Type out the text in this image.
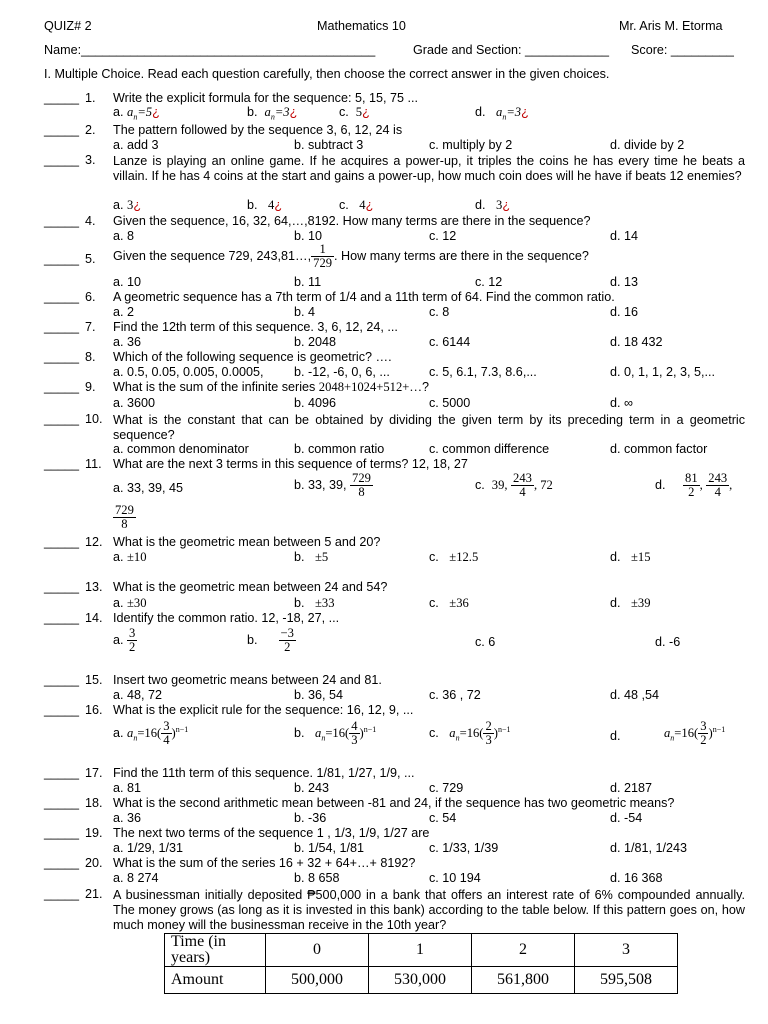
QUIZ# 2	Mathematics 10	Mr. Aris M. Etorma
Name:__________________________________________	Grade and Section: ____________ Score: _________
I. Multiple Choice. Read each question carefully, then choose the correct answer in the given choices.
_____ 1. Write the explicit formula for the sequence: 5, 15, 75 ...
a. $a_n=5¿$	b. $a_n=3¿$	c. 5¿	d. $a_n=3¿$
_____ 2. The pattern followed by the sequence 3, 6, 12, 24 is
a. add 3	b. subtract 3	c. multiply by 2	d. divide by 2
_____ 3. Lanze is playing an online game. If he acquires a power-up, it triples the coins he has every time he beats a villain. If he has 4 coins at the start and gains a power-up, how much coin does will he have if beats 12 enemies?
a. 3¿	b. 4¿	c. 4¿	d. 3¿
_____ 4. Given the sequence, 16, 32, 64,…,8192. How many terms are there in the sequence?
a. 8	b. 10	c. 12	d. 14
_____ 5. Given the sequence 729, 243,81…, $\frac{1}{729}$ . How many terms are there in the sequence?
a. 10	b. 11	c. 12	d. 13
_____ 6. A geometric sequence has a 7th term of 1/4 and a 11th term of 64. Find the common ratio.
a. 2	b. 4	c. 8	d. 16
_____ 7. Find the 12th term of this sequence. 3, 6, 12, 24, ...
a. 36	b. 2048	c. 6144	d. 18 432
_____ 8. Which of the following sequence is geometric? ….
a. 0.5, 0.05, 0.005, 0.0005, b. -12, -6, 0, 6, ...	c. 5, 6.1, 7.3, 8.6,...	d. 0, 1, 1, 2, 3, 5,...
_____ 9. What is the sum of the infinite series 2048+1024+512+…?
a. 3600	b. 4096	c. 5000	d. ∞
_____ 10. What is the constant that can be obtained by dividing the given term by its preceding term in a geometric sequence?
a. common denominator	b. common ratio	c. common difference	d. common factor
_____ 11. What are the next 3 terms in this sequence of terms? 12, 18, 27
a. 33, 39, 45	b. 33, 39, $\frac{729}{8}$	c. 39, $\frac{243}{4}$ , 72	d. $\frac{81}{2}$ , $\frac{243}{4}$ ,
$\frac{729}{8}$
_____ 12. What is the geometric mean between 5 and 20?
a. ±10	b. ±5	c. ±12.5	d. ±15
_____ 13. What is the geometric mean between 24 and 54?
a. ±30	b. ±33	c. ±36	d. ±39
_____ 14. Identify the common ratio. 12, -18, 27, ...
a. $\frac{3}{2}$	b. $\frac{-3}{2}$	c. 6	d. -6
_____ 15. Insert two geometric means between 24 and 81.
a. 48, 72	b. 36, 54	c. 36 , 72	d. 48 ,54
_____ 16. What is the explicit rule for the sequence: 16, 12, 9, ...
a. $a_n=16( \frac{3}{4} )^{n-1}$	b. $a_n=16( \frac{4}{3} )^{n-1}$	c. $a_n=16( \frac{2}{3} )^{n-1}$	d.	$a_n=16( \frac{3}{2} )^{n-1}$
_____ 17. Find the 11th term of this sequence. 1/81, 1/27, 1/9, ...
a. 81	b. 243	c. 729	d. 2187
_____ 18. What is the second arithmetic mean between -81 and 24, if the sequence has two geometric means?
a. 36	b. -36	c. 54	d. -54
_____ 19. The next two terms of the sequence 1 , 1/3, 1/9, 1/27 are
a. 1/29, 1/31	b. 1/54, 1/81	c. 1/33, 1/39	d. 1/81, 1/243
_____ 20. What is the sum of the series 16 + 32 + 64+…+ 8192?
a. 8 274	b. 8 658	c. 10 194	d. 16 368
_____ 21. A businessman initially deposited ₱500,000 in a bank that offers an interest rate of 6% compounded annually. The money grows (as long as it is invested in this bank) according to the table below. If this pattern goes on, how much money will the businessman receive in the 10th year?
Time (in years)	0	1	2	3
Amount	500,000	530,000	561,800	595,508
